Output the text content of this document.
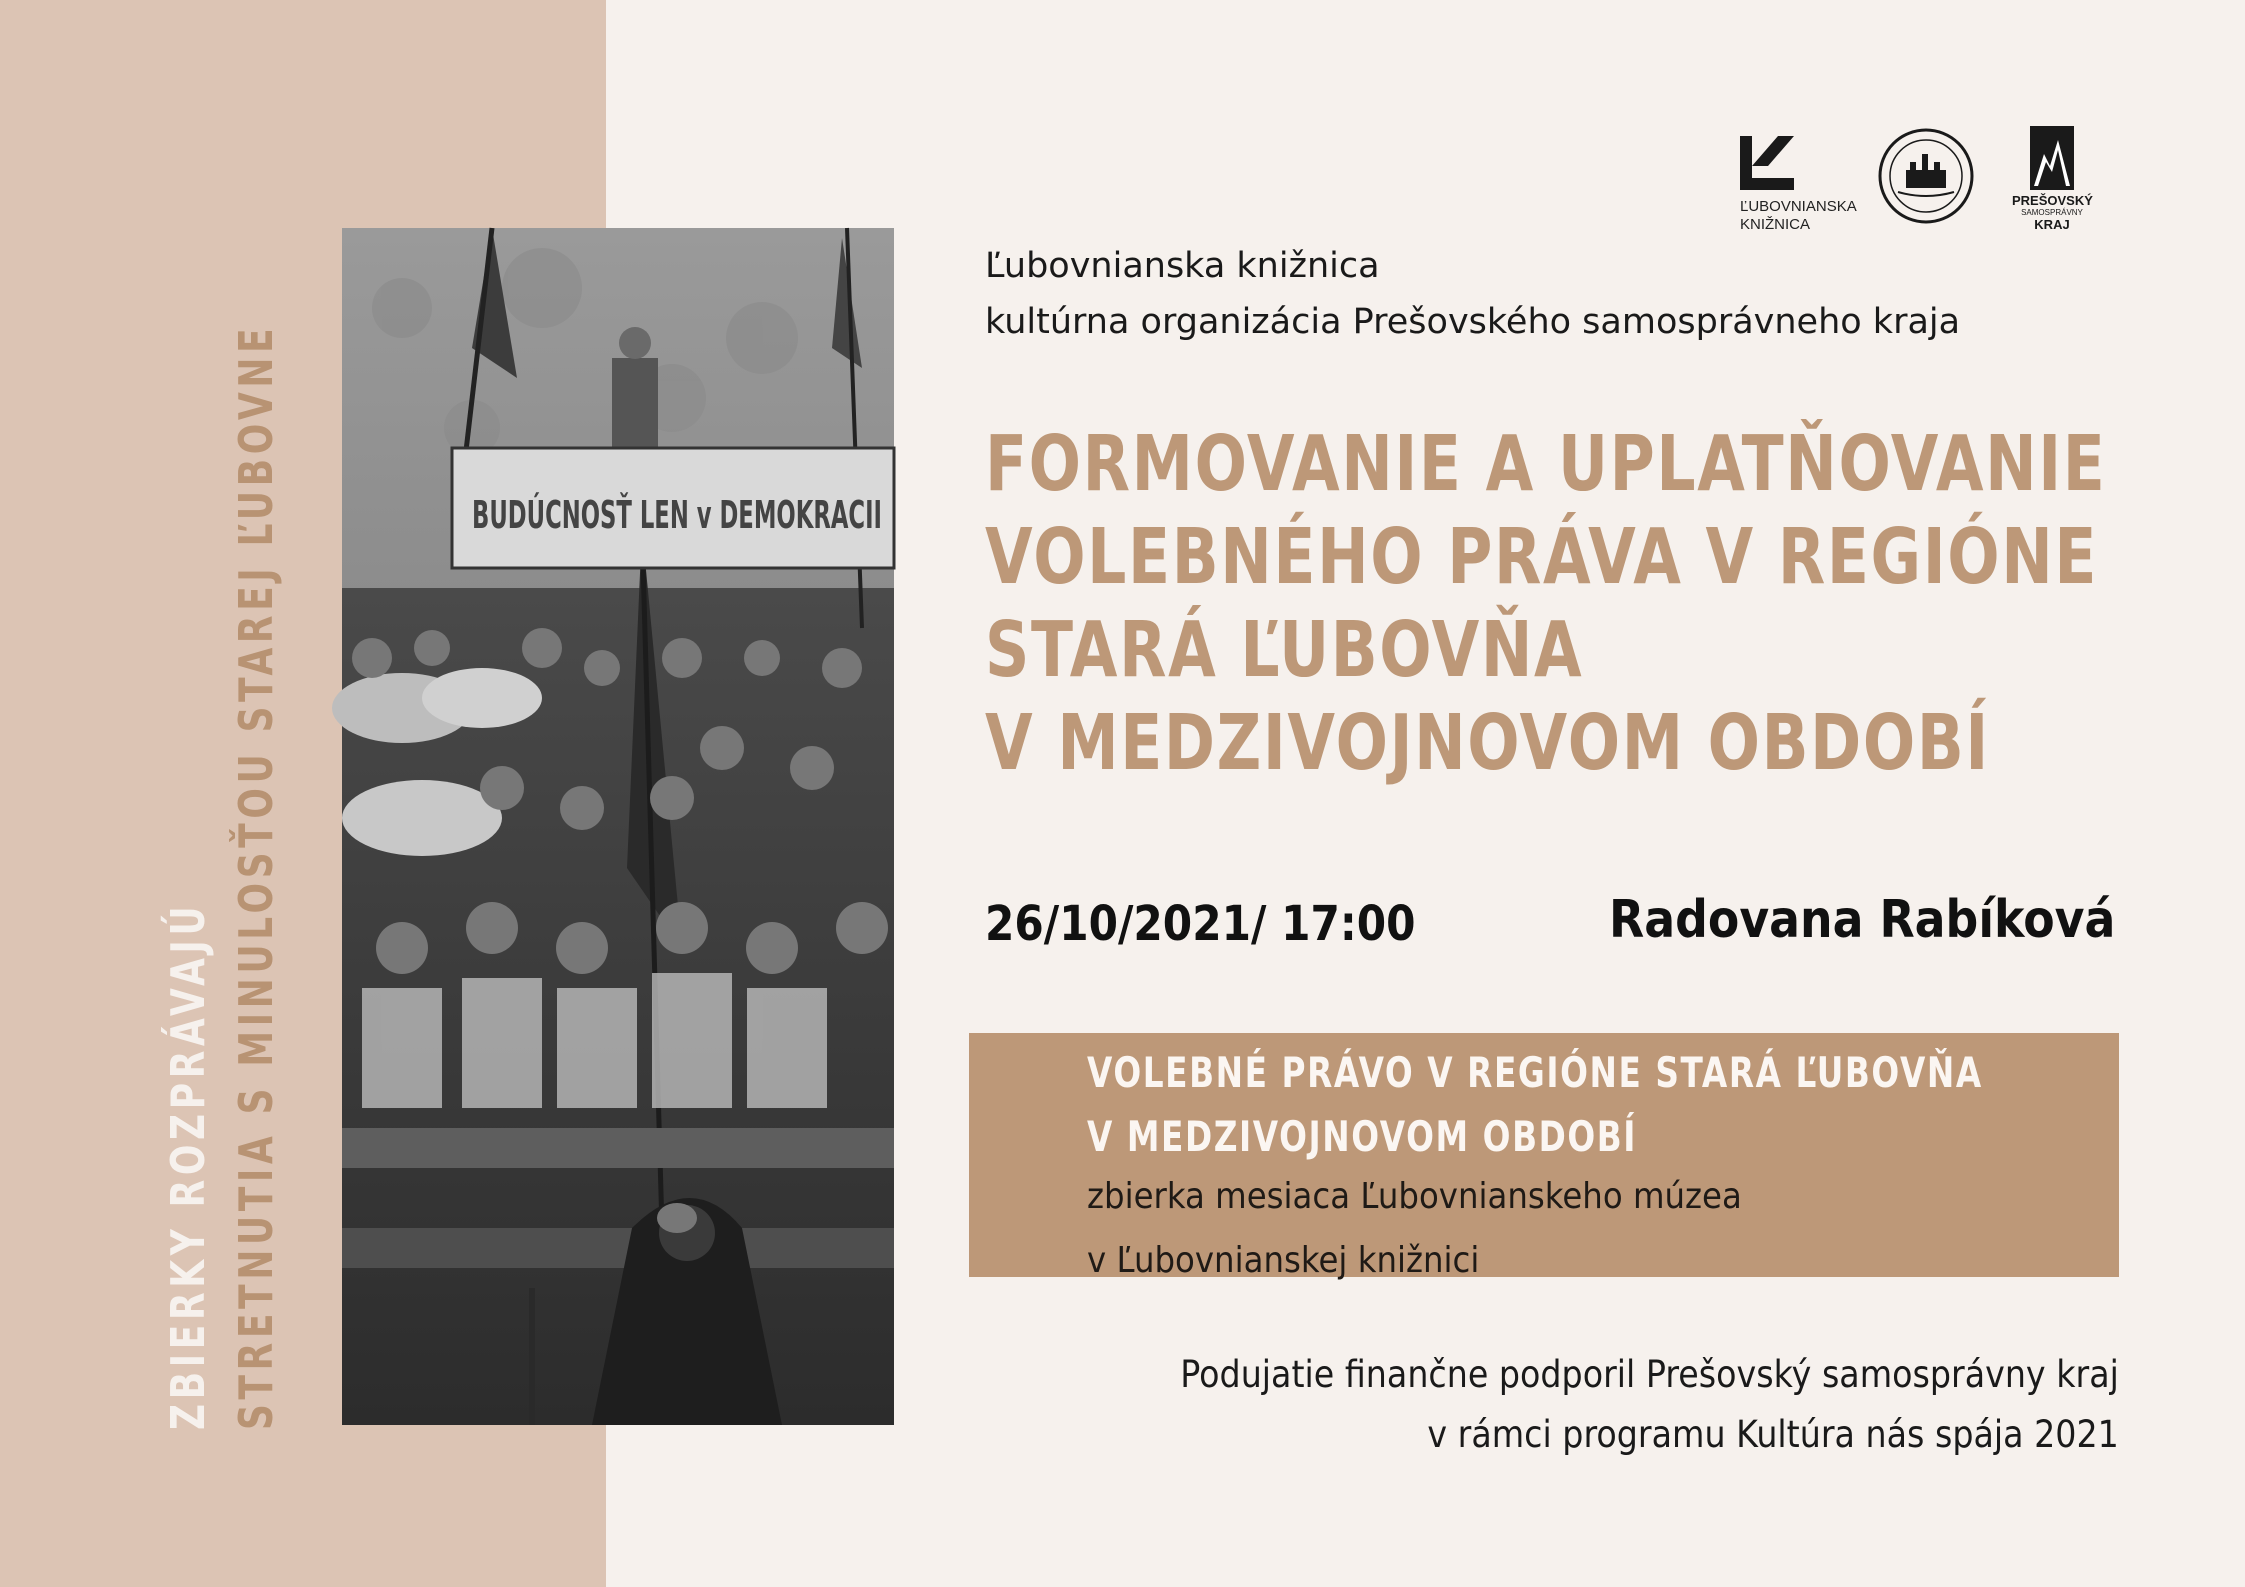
ZBIERKY ROZPRÁVAJÚ STRETNUTIA S MINULOSŤOU STAREJ ĽUBOVNE	BUDÚCNOSŤ LEN v DEMOKRACII
ĽUBOVNIANSKA
KNIŽNICA
PREŠOVSKÝ
SAMOSPRÁVNY
KRAJ
Ľubovnianska knižnica
kultúrna organizácia Prešovského samosprávneho kraja
FORMOVANIE A UPLATŇOVANIE
VOLEBNÉHO PRÁVA V REGIÓNE
STARÁ ĽUBOVŇA
V MEDZIVOJNOVOM OBDOBÍ
26/10/2021/ 17:00	Radovana Rabíková
VOLEBNÉ PRÁVO V REGIÓNE STARÁ ĽUBOVŇA
V MEDZIVOJNOVOM OBDOBÍ
zbierka mesiaca Ľubovnianskeho múzea
v Ľubovnianskej knižnici
Podujatie finančne podporil Prešovský samosprávny kraj
v rámci programu Kultúra nás spája 2021
